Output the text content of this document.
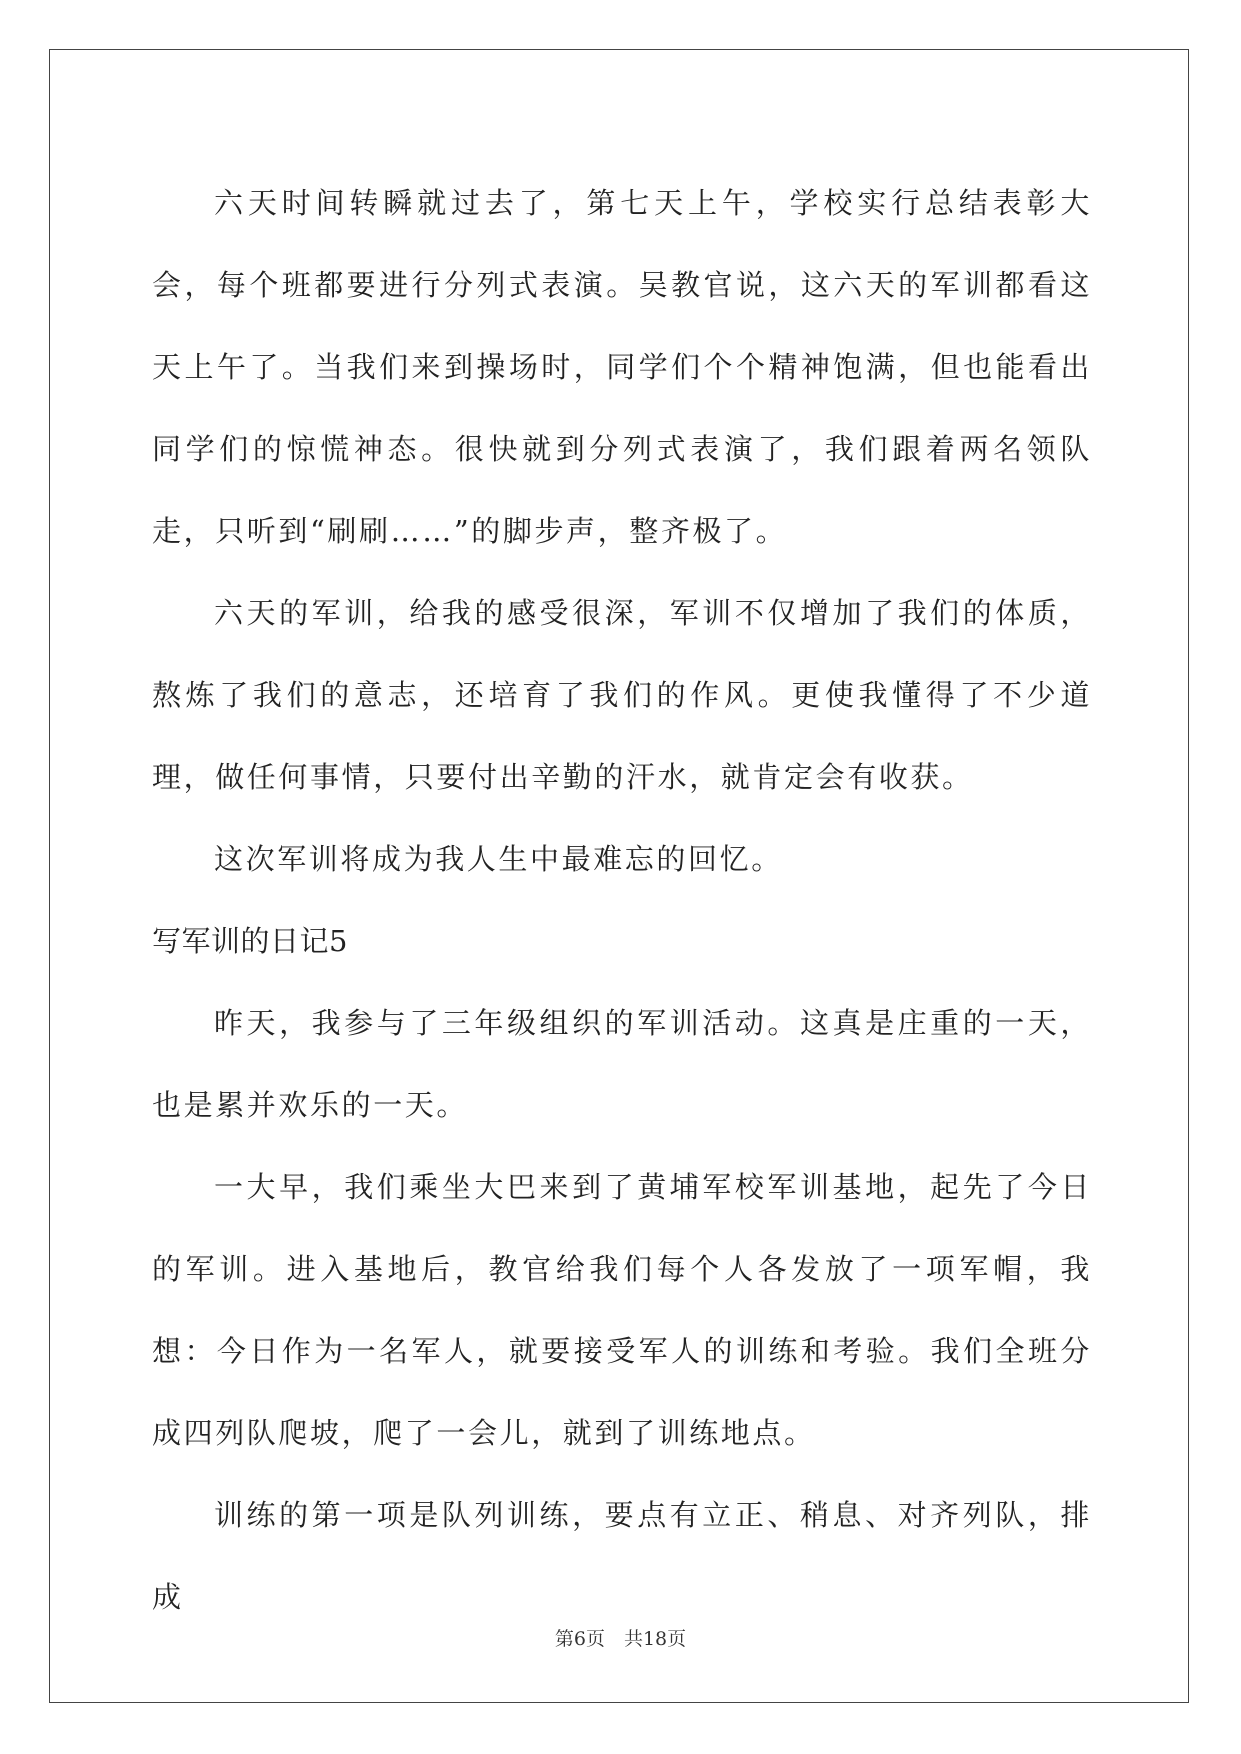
六天时间转瞬就过去了，第七天上午，学校实行总结表彰大会，每个班都要进行分列式表演。吴教官说，这六天的军训都看这天上午了。当我们来到操场时，同学们个个精神饱满，但也能看出同学们的惊慌神态。很快就到分列式表演了，我们跟着两名领队走，只听到“刷刷……”的脚步声，整齐极了。

六天的军训，给我的感受很深，军训不仅增加了我们的体质，熬炼了我们的意志，还培育了我们的作风。更使我懂得了不少道理，做任何事情，只要付出辛勤的汗水，就肯定会有收获。

这次军训将成为我人生中最难忘的回忆。

写军训的日记5

昨天，我参与了三年级组织的军训活动。这真是庄重的一天，也是累并欢乐的一天。

一大早，我们乘坐大巴来到了黄埔军校军训基地，起先了今日的军训。进入基地后，教官给我们每个人各发放了一项军帽，我想：今日作为一名军人，就要接受军人的训练和考验。我们全班分成四列队爬坡，爬了一会儿，就到了训练地点。

训练的第一项是队列训练，要点有立正、稍息、对齐列队，排成

第6页　共18页
